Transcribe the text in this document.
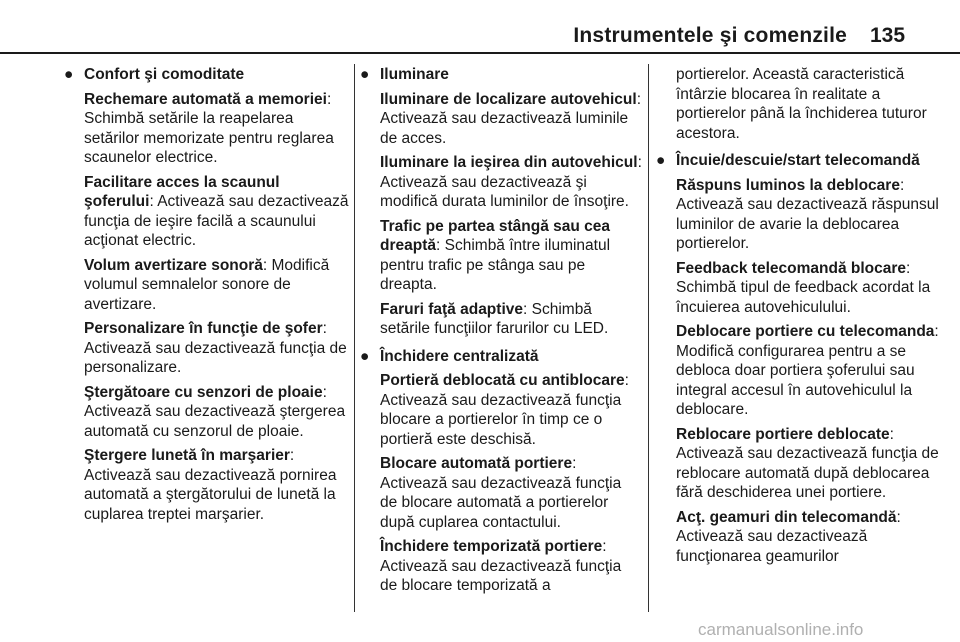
Instrumentele şi comenzile 135
● Confort şi comoditate
Rechemare automată a memoriei: Schimbă setările la reapelarea setărilor memorizate pentru reglarea scaunelor electrice.
Facilitare acces la scaunul şoferului: Activează sau dezactivează funcţia de ieşire facilă a scaunului acţionat electric.
Volum avertizare sonoră: Modifică volumul semnalelor sonore de avertizare.
Personalizare în funcţie de şofer: Activează sau dezactivează funcţia de personalizare.
Ştergătoare cu senzori de ploaie: Activează sau dezactivează ştergerea automată cu senzorul de ploaie.
Ştergere lunetă în marşarier: Activează sau dezactivează pornirea automată a ştergătorului de lunetă la cuplarea treptei marşarier.
● Iluminare
Iluminare de localizare autovehicul: Activează sau dezactivează luminile de acces.
Iluminare la ieşirea din autovehicul: Activează sau dezactivează şi modifică durata luminilor de însoţire.
Trafic pe partea stângă sau cea dreaptă: Schimbă între iluminatul pentru trafic pe stânga sau pe dreapta.
Faruri faţă adaptive: Schimbă setările funcţiilor farurilor cu LED.
● Închidere centralizată
Portieră deblocată cu antiblocare: Activează sau dezactivează funcţia blocare a portierelor în timp ce o portieră este deschisă.
Blocare automată portiere: Activează sau dezactivează funcţia de blocare automată a portierelor după cuplarea contactului.
Închidere temporizată portiere: Activează sau dezactivează funcţia de blocare temporizată a
portierelor. Această caracteristică întârzie blocarea în realitate a portierelor până la închiderea tuturor acestora.
● Încuie/descuie/start telecomandă
Răspuns luminos la deblocare: Activează sau dezactivează răspunsul luminilor de avarie la deblocarea portierelor.
Feedback telecomandă blocare: Schimbă tipul de feedback acordat la încuierea autovehiculului.
Deblocare portiere cu telecomanda: Modifică configurarea pentru a se debloca doar portiera şoferului sau integral accesul în autovehiculul la deblocare.
Reblocare portiere deblocate: Activează sau dezactivează funcţia de reblocare automată după deblocarea fără deschiderea unei portiere.
Acţ. geamuri din telecomandă: Activează sau dezactivează funcţionarea geamurilor
carmanualsonline.info
